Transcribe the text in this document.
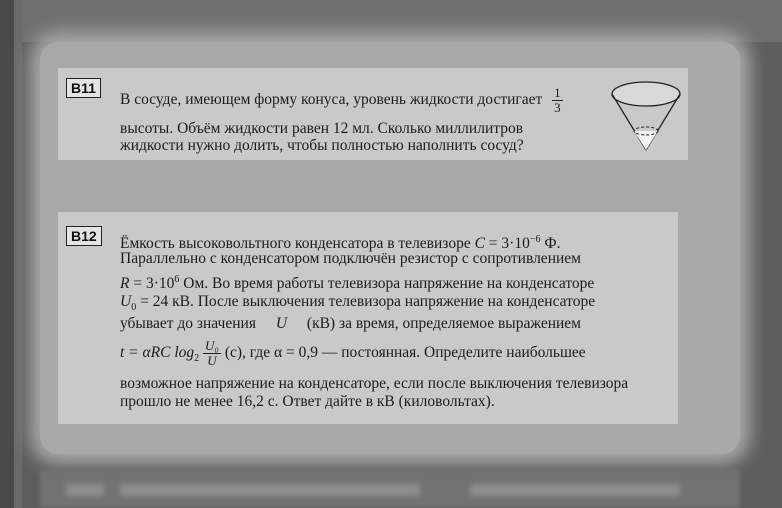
B11
В сосуде, имеющем форму конуса, уровень жидкости достигает $\frac{1}{3}$
высоты. Объём жидкости равен 12 мл. Сколько миллилитров
жидкости нужно долить, чтобы полностью наполнить сосуд?
B12	Ёмкость высоковольтного конденсатора в телевизоре $C = 3\cdot 10^{-6}$ Ф.
Параллельно с конденсатором подключён резистор с сопротивлением
$R = 3\cdot 10^6$ Ом. Во время работы телевизора напряжение на конденсаторе
$U_0 = 24$ кВ. После выключения телевизора напряжение на конденсаторе
убывает до значения U (кВ) за время, определяемое выражением
t = αRC $\log_2 \frac{\text{U₀}}{U} (с)$, где α = 0,9 — постоянная. Определите наибольшее
возможное напряжение на конденсаторе, если после выключения телевизора
прошло не менее 16,2 с. Ответ дайте в кВ (киловольтах).
